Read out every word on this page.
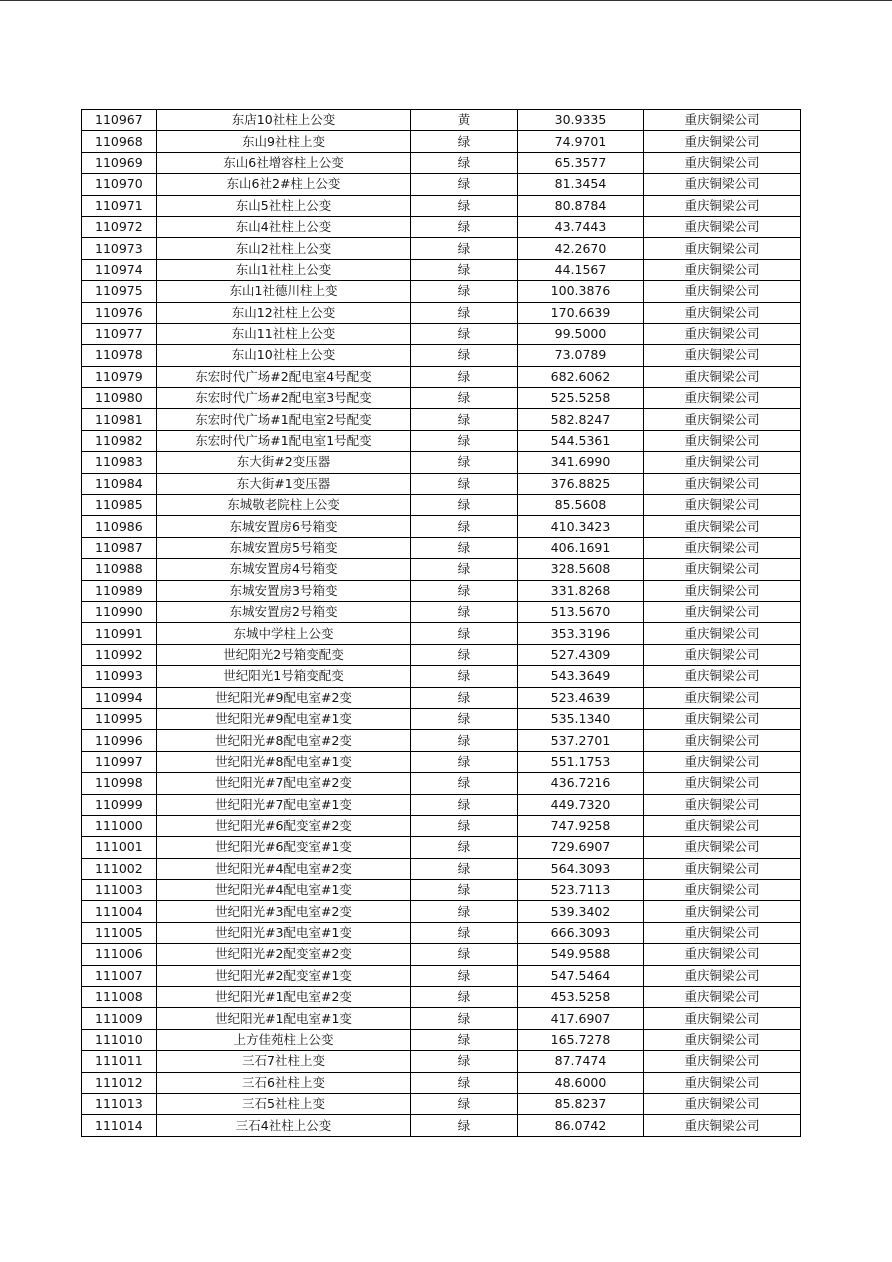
110967	东店10社柱上公变	黄	30.9335	重庆铜梁公司
110968	东山9社柱上变	绿	74.9701	重庆铜梁公司
110969	东山6社增容柱上公变	绿	65.3577	重庆铜梁公司
110970	东山6社2#柱上公变	绿	81.3454	重庆铜梁公司
110971	东山5社柱上公变	绿	80.8784	重庆铜梁公司
110972	东山4社柱上公变	绿	43.7443	重庆铜梁公司
110973	东山2社柱上公变	绿	42.2670	重庆铜梁公司
110974	东山1社柱上公变	绿	44.1567	重庆铜梁公司
110975	东山1社德川柱上变	绿	100.3876	重庆铜梁公司
110976	东山12社柱上公变	绿	170.6639	重庆铜梁公司
110977	东山11社柱上公变	绿	99.5000	重庆铜梁公司
110978	东山10社柱上公变	绿	73.0789	重庆铜梁公司
110979	东宏时代广场#2配电室4号配变	绿	682.6062	重庆铜梁公司
110980	东宏时代广场#2配电室3号配变	绿	525.5258	重庆铜梁公司
110981	东宏时代广场#1配电室2号配变	绿	582.8247	重庆铜梁公司
110982	东宏时代广场#1配电室1号配变	绿	544.5361	重庆铜梁公司
110983	东大街#2变压器	绿	341.6990	重庆铜梁公司
110984	东大街#1变压器	绿	376.8825	重庆铜梁公司
110985	东城敬老院柱上公变	绿	85.5608	重庆铜梁公司
110986	东城安置房6号箱变	绿	410.3423	重庆铜梁公司
110987	东城安置房5号箱变	绿	406.1691	重庆铜梁公司
110988	东城安置房4号箱变	绿	328.5608	重庆铜梁公司
110989	东城安置房3号箱变	绿	331.8268	重庆铜梁公司
110990	东城安置房2号箱变	绿	513.5670	重庆铜梁公司
110991	东城中学柱上公变	绿	353.3196	重庆铜梁公司
110992	世纪阳光2号箱变配变	绿	527.4309	重庆铜梁公司
110993	世纪阳光1号箱变配变	绿	543.3649	重庆铜梁公司
110994	世纪阳光#9配电室#2变	绿	523.4639	重庆铜梁公司
110995	世纪阳光#9配电室#1变	绿	535.1340	重庆铜梁公司
110996	世纪阳光#8配电室#2变	绿	537.2701	重庆铜梁公司
110997	世纪阳光#8配电室#1变	绿	551.1753	重庆铜梁公司
110998	世纪阳光#7配电室#2变	绿	436.7216	重庆铜梁公司
110999	世纪阳光#7配电室#1变	绿	449.7320	重庆铜梁公司
111000	世纪阳光#6配变室#2变	绿	747.9258	重庆铜梁公司
111001	世纪阳光#6配变室#1变	绿	729.6907	重庆铜梁公司
111002	世纪阳光#4配电室#2变	绿	564.3093	重庆铜梁公司
111003	世纪阳光#4配电室#1变	绿	523.7113	重庆铜梁公司
111004	世纪阳光#3配电室#2变	绿	539.3402	重庆铜梁公司
111005	世纪阳光#3配电室#1变	绿	666.3093	重庆铜梁公司
111006	世纪阳光#2配变室#2变	绿	549.9588	重庆铜梁公司
111007	世纪阳光#2配变室#1变	绿	547.5464	重庆铜梁公司
111008	世纪阳光#1配电室#2变	绿	453.5258	重庆铜梁公司
111009	世纪阳光#1配电室#1变	绿	417.6907	重庆铜梁公司
111010	上方佳苑柱上公变	绿	165.7278	重庆铜梁公司
111011	三石7社柱上变	绿	87.7474	重庆铜梁公司
111012	三石6社柱上变	绿	48.6000	重庆铜梁公司
111013	三石5社柱上变	绿	85.8237	重庆铜梁公司
111014	三石4社柱上公变	绿	86.0742	重庆铜梁公司
